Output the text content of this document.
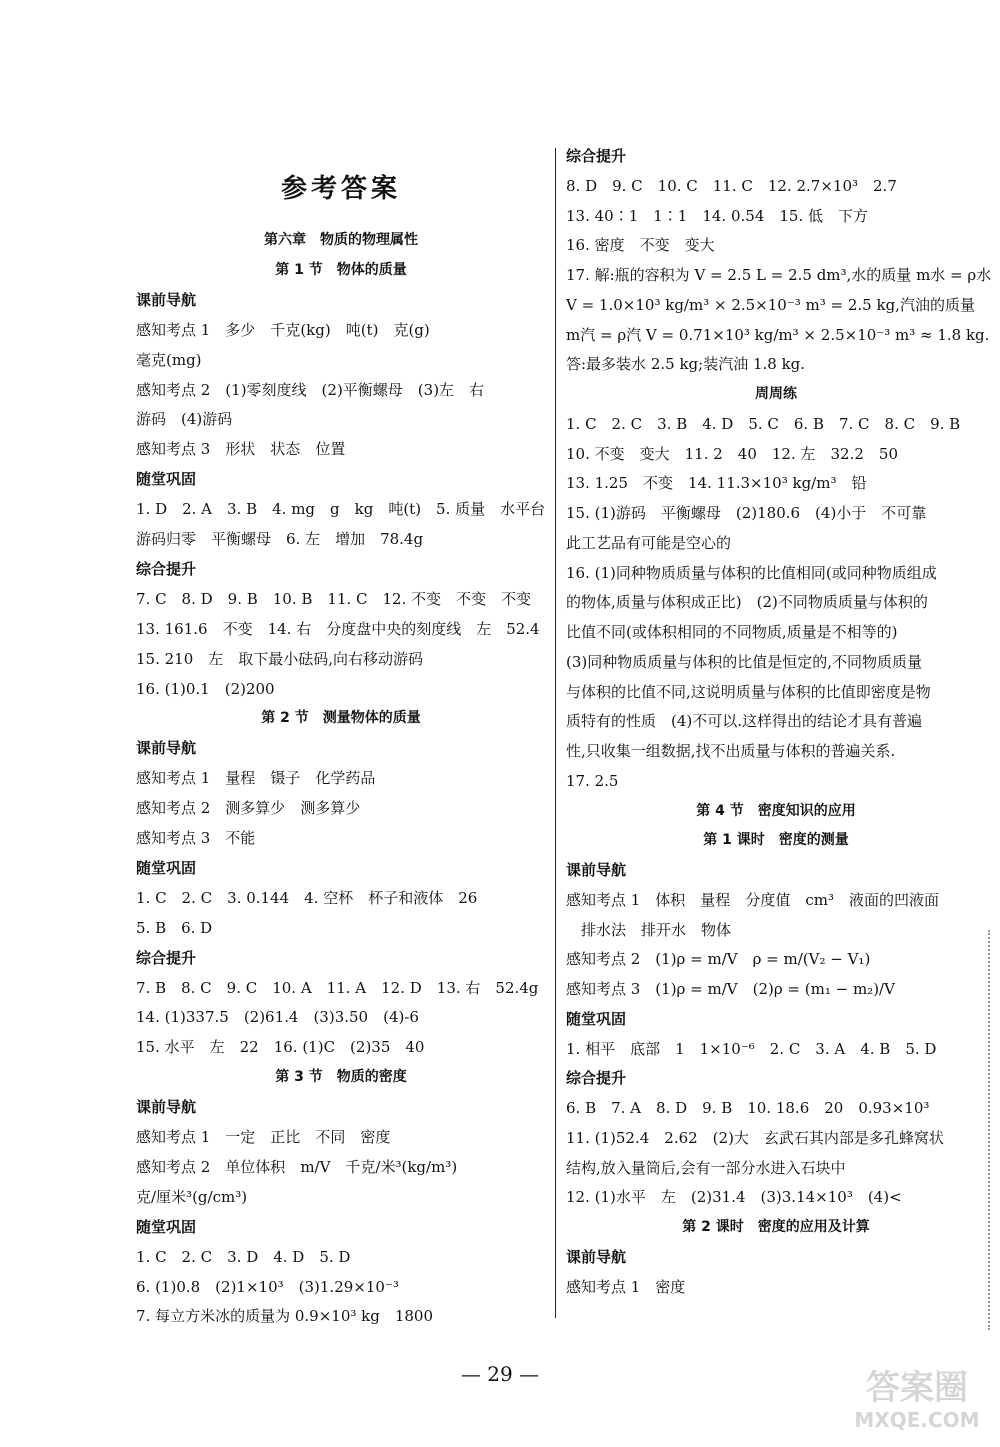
参考答案
第六章　物质的物理属性
第 1 节　物体的质量
课前导航
感知考点 1　多少　千克(kg)　吨(t)　克(g)
毫克(mg)
感知考点 2　(1)零刻度线　(2)平衡螺母　(3)左　右
游码　(4)游码
感知考点 3　形状　状态　位置
随堂巩固
1. D　2. A　3. B　4. mg　g　kg　吨(t)　5. 质量　水平台
游码归零　平衡螺母　6. 左　增加　78.4g
综合提升
7. C　8. D　9. B　10. B　11. C　12. 不变　不变　不变
13. 161.6　不变　14. 右　分度盘中央的刻度线　左　52.4
15. 210　左　取下最小砝码,向右移动游码
16. (1)0.1　(2)200
第 2 节　测量物体的质量
课前导航
感知考点 1　量程　镊子　化学药品
感知考点 2　测多算少　测多算少
感知考点 3　不能
随堂巩固
1. C　2. C　3. 0.144　4. 空杯　杯子和液体　26
5. B　6. D
综合提升
7. B　8. C　9. C　10. A　11. A　12. D　13. 右　52.4g
14. (1)337.5　(2)61.4　(3)3.50　(4)-6
15. 水平　左　22　16. (1)C　(2)35　40
第 3 节　物质的密度
课前导航
感知考点 1　一定　正比　不同　密度
感知考点 2　单位体积　m/V　千克/米³(kg/m³)
克/厘米³(g/cm³)
随堂巩固
1. C　2. C　3. D　4. D　5. D
6. (1)0.8　(2)1×10³　(3)1.29×10⁻³
7. 每立方米冰的质量为 0.9×10³ kg　1800
综合提升
8. D　9. C　10. C　11. C　12. 2.7×10³　2.7
13. 40∶1　1∶1　14. 0.54　15. 低　下方
16. 密度　不变　变大
17. 解:瓶的容积为 V = 2.5 L = 2.5 dm³,水的质量 m水 = ρ水
V = 1.0×10³ kg/m³ × 2.5×10⁻³ m³ = 2.5 kg,汽油的质量
m汽 = ρ汽 V = 0.71×10³ kg/m³ × 2.5×10⁻³ m³ ≈ 1.8 kg.
答:最多装水 2.5 kg;装汽油 1.8 kg.
周周练
1. C　2. C　3. B　4. D　5. C　6. B　7. C　8. C　9. B
10. 不变　变大　11. 2　40　12. 左　32.2　50
13. 1.25　不变　14. 11.3×10³ kg/m³　铅
15. (1)游码　平衡螺母　(2)180.6　(4)小于　不可靠
此工艺品有可能是空心的
16. (1)同种物质质量与体积的比值相同(或同种物质组成
的物体,质量与体积成正比)　(2)不同物质质量与体积的
比值不同(或体积相同的不同物质,质量是不相等的)
(3)同种物质质量与体积的比值是恒定的,不同物质质量
与体积的比值不同,这说明质量与体积的比值即密度是物
质特有的性质　(4)不可以.这样得出的结论才具有普遍
性,只收集一组数据,找不出质量与体积的普遍关系.
17. 2.5
第 4 节　密度知识的应用
第 1 课时　密度的测量
课前导航
感知考点 1　体积　量程　分度值　cm³　液面的凹液面
　排水法　排开水　物体
感知考点 2　(1)ρ = m/V　ρ = m/(V₂ − V₁)
感知考点 3　(1)ρ = m/V　(2)ρ = (m₁ − m₂)/V
随堂巩固
1. 相平　底部　1　1×10⁻⁶　2. C　3. A　4. B　5. D
综合提升
6. B　7. A　8. D　9. B　10. 18.6　20　0.93×10³
11. (1)52.4　2.62　(2)大　玄武石其内部是多孔蜂窝状
结构,放入量筒后,会有一部分水进入石块中
12. (1)水平　左　(2)31.4　(3)3.14×10³　(4)<
第 2 课时　密度的应用及计算
课前导航
感知考点 1　密度
— 29 —	答案圈
MXQE.COM
